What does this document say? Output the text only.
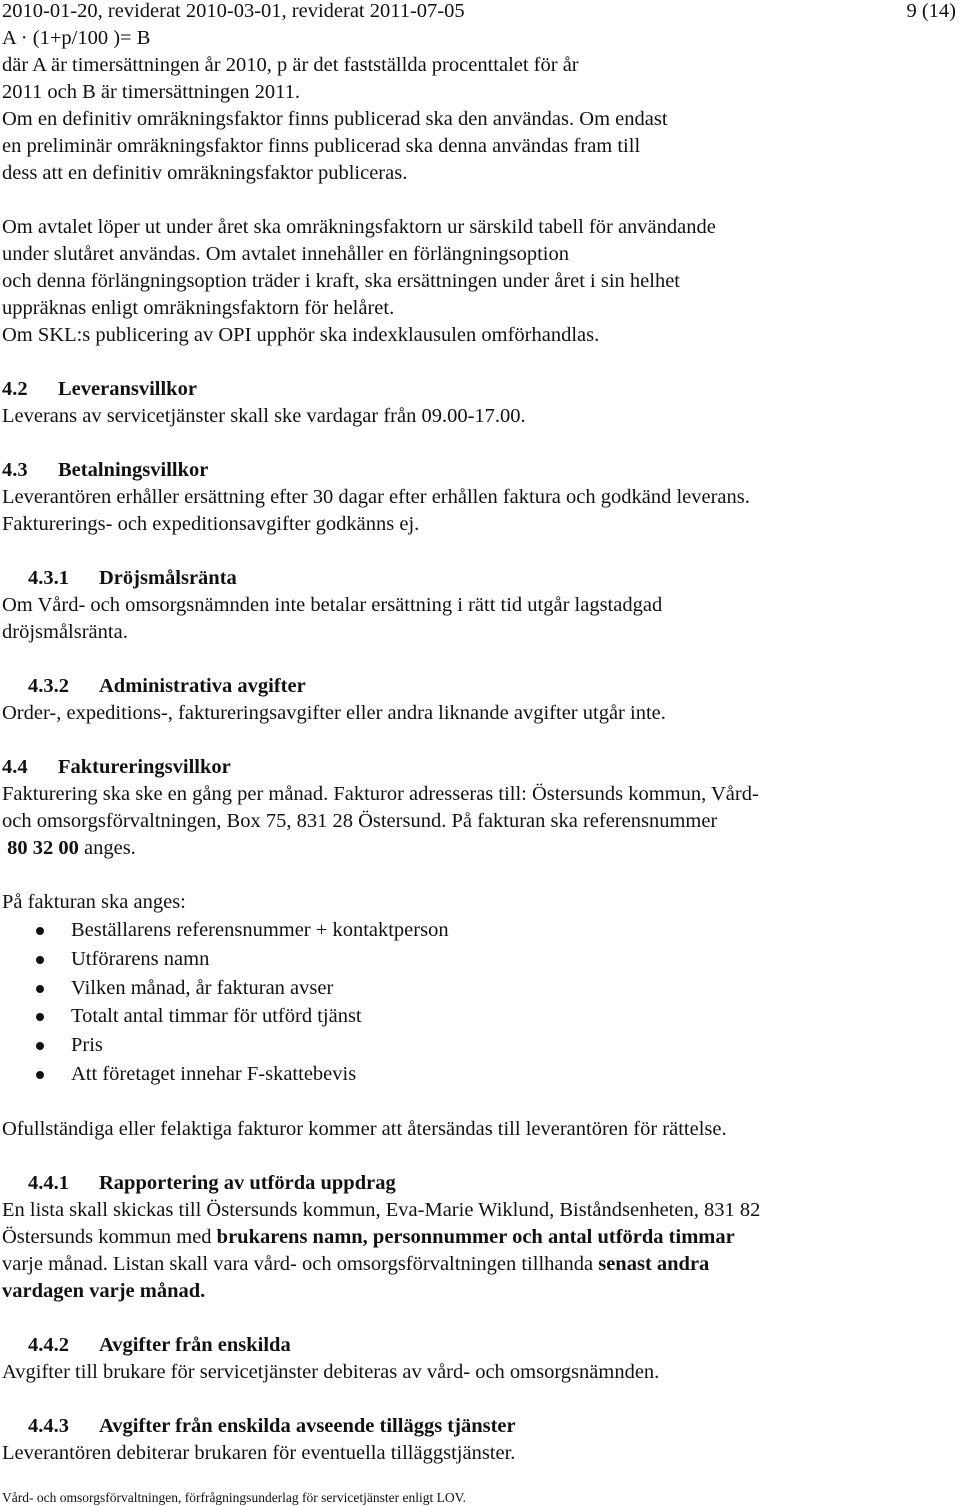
2010-01-20, reviderat 2010-03-01, reviderat 2011-07-05	9 (14)

A · (1+p/100 )= B

där A är timersättningen år 2010, p är det fastställda procenttalet för år

2011 och B är timersättningen 2011.

Om en definitiv omräkningsfaktor finns publicerad ska den användas. Om endast

en preliminär omräkningsfaktor finns publicerad ska denna användas fram till

dess att en definitiv omräkningsfaktor publiceras.

Om avtalet löper ut under året ska omräkningsfaktorn ur särskild tabell för användande

under slutåret användas. Om avtalet innehåller en förlängningsoption

och denna förlängningsoption träder i kraft, ska ersättningen under året i sin helhet

uppräknas enligt omräkningsfaktorn för helåret.

Om SKL:s publicering av OPI upphör ska indexklausulen omförhandlas.

4.2 Leveransvillkor

Leverans av servicetjänster skall ske vardagar från 09.00-17.00.

4.3 Betalningsvillkor

Leverantören erhåller ersättning efter 30 dagar efter erhållen faktura och godkänd leverans.

Fakturerings- och expeditionsavgifter godkänns ej.

4.3.1 Dröjsmålsränta

Om Vård- och omsorgsnämnden inte betalar ersättning i rätt tid utgår lagstadgad

dröjsmålsränta.

4.3.2 Administrativa avgifter

Order-, expeditions-, faktureringsavgifter eller andra liknande avgifter utgår inte.

4.4 Faktureringsvillkor

Fakturering ska ske en gång per månad. Fakturor adresseras till: Östersunds kommun, Vård-

och omsorgsförvaltningen, Box 75, 831 28 Östersund. På fakturan ska referensnummer

80 32 00 anges.

På fakturan ska anges:

Beställarens referensnummer + kontaktperson
Utförarens namn
Vilken månad, år fakturan avser
Totalt antal timmar för utförd tjänst
Pris
Att företaget innehar F-skattebevis

Ofullständiga eller felaktiga fakturor kommer att återsändas till leverantören för rättelse.

4.4.1 Rapportering av utförda uppdrag

En lista skall skickas till Östersunds kommun, Eva-Marie Wiklund, Biståndsenheten, 831 82

Östersunds kommun med brukarens namn, personnummer och antal utförda timmar

varje månad. Listan skall vara vård- och omsorgsförvaltningen tillhanda senast andra

vardagen varje månad.

4.4.2 Avgifter från enskilda

Avgifter till brukare för servicetjänster debiteras av vård- och omsorgsnämnden.

4.4.3 Avgifter från enskilda avseende tilläggs tjänster

Leverantören debiterar brukaren för eventuella tilläggstjänster.

Vård- och omsorgsförvaltningen, förfrågningsunderlag för servicetjänster enligt LOV.
